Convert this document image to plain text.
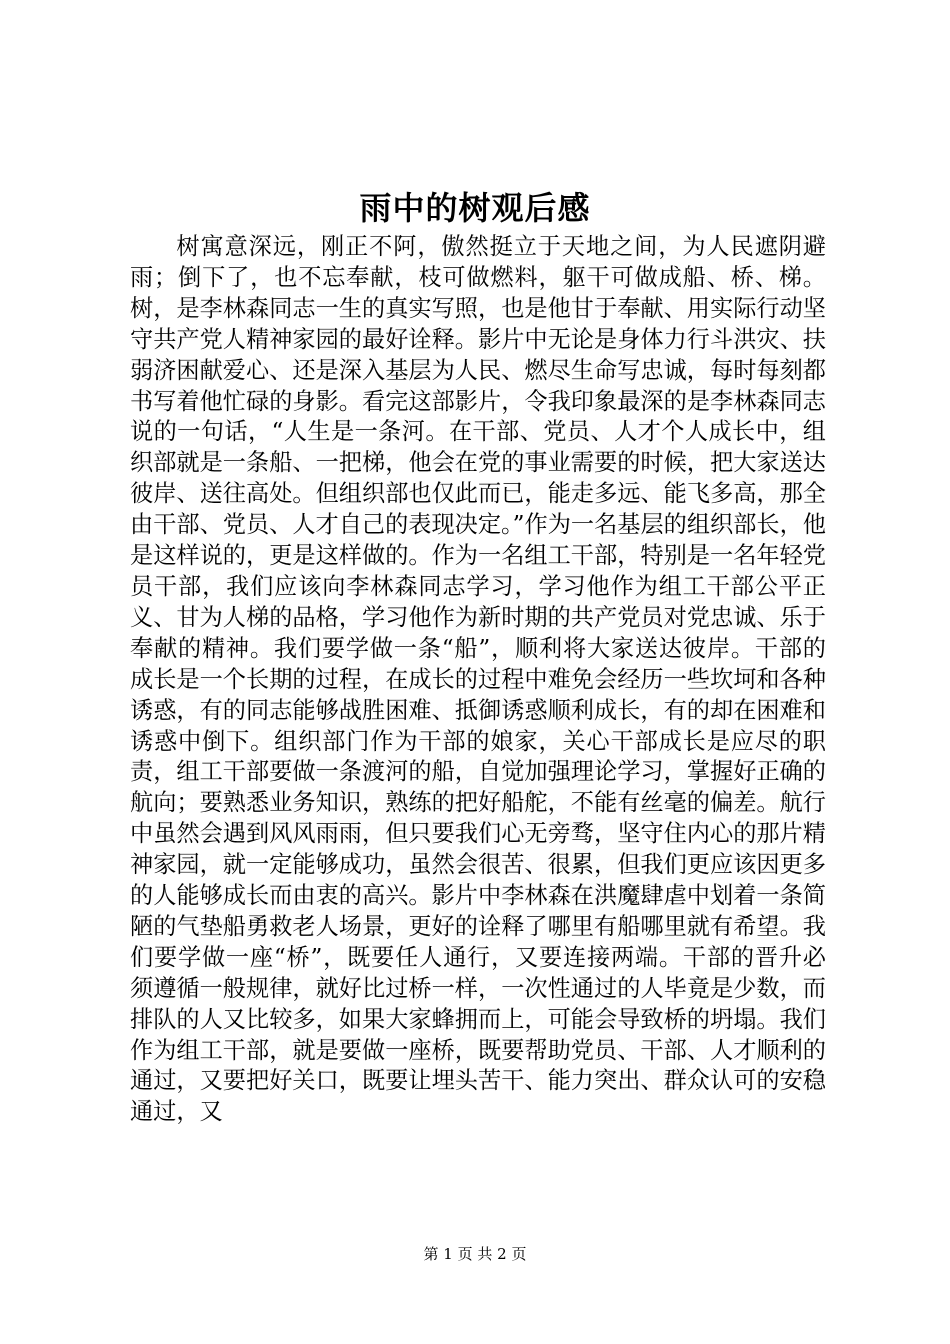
雨中的树观后感

树寓意深远，刚正不阿，傲然挺立于天地之间，为人民遮阴避雨；倒下了，也不忘奉献，枝可做燃料，躯干可做成船、桥、梯。树，是李林森同志一生的真实写照，也是他甘于奉献、用实际行动坚守共产党人精神家园的最好诠释。影片中无论是身体力行斗洪灾、扶弱济困献爱心、还是深入基层为人民、燃尽生命写忠诚，每时每刻都书写着他忙碌的身影。看完这部影片，令我印象最深的是李林森同志说的一句话，“人生是一条河。在干部、党员、人才个人成长中，组织部就是一条船、一把梯，他会在党的事业需要的时候，把大家送达彼岸、送往高处。但组织部也仅此而已，能走多远、能飞多高，那全由干部、党员、人才自己的表现决定。”作为一名基层的组织部长，他是这样说的，更是这样做的。作为一名组工干部，特别是一名年轻党员干部，我们应该向李林森同志学习，学习他作为组工干部公平正义、甘为人梯的品格，学习他作为新时期的共产党员对党忠诚、乐于奉献的精神。我们要学做一条“船”，顺利将大家送达彼岸。干部的成长是一个长期的过程，在成长的过程中难免会经历一些坎坷和各种诱惑，有的同志能够战胜困难、抵御诱惑顺利成长，有的却在困难和诱惑中倒下。组织部门作为干部的娘家，关心干部成长是应尽的职责，组工干部要做一条渡河的船，自觉加强理论学习，掌握好正确的航向；要熟悉业务知识，熟练的把好船舵，不能有丝毫的偏差。航行中虽然会遇到风风雨雨，但只要我们心无旁骛，坚守住内心的那片精神家园，就一定能够成功，虽然会很苦、很累，但我们更应该因更多的人能够成长而由衷的高兴。影片中李林森在洪魔肆虐中划着一条简陋的气垫船勇救老人场景，更好的诠释了哪里有船哪里就有希望。我们要学做一座“桥”，既要任人通行，又要连接两端。干部的晋升必须遵循一般规律，就好比过桥一样，一次性通过的人毕竟是少数，而排队的人又比较多，如果大家蜂拥而上，可能会导致桥的坍塌。我们作为组工干部，就是要做一座桥，既要帮助党员、干部、人才顺利的通过，又要把好关口，既要让埋头苦干、能力突出、群众认可的安稳通过，又

第 1 页 共 2 页
